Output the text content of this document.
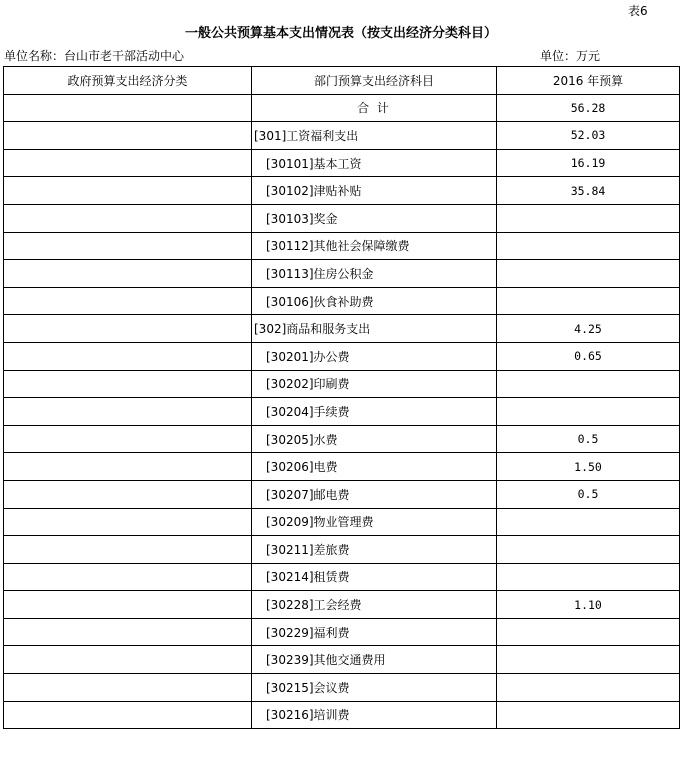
表6
一般公共预算基本支出情况表（按支出经济分类科目）
单位名称：台山市老干部活动中心	单位：万元
政府预算支出经济分类	部门预算支出经济科目	2016 年预算
	合 计	56.28
	[301]工资福利支出	52.03
	[30101]基本工资	16.19
	[30102]津贴补贴	35.84
	[30103]奖金	
	[30112]其他社会保障缴费	
	[30113]住房公积金	
	[30106]伙食补助费	
	[302]商品和服务支出	4.25
	[30201]办公费	0.65
	[30202]印刷费	
	[30204]手续费	
	[30205]水费	0.5
	[30206]电费	1.50
	[30207]邮电费	0.5
	[30209]物业管理费	
	[30211]差旅费	
	[30214]租赁费	
	[30228]工会经费	1.10
	[30229]福利费	
	[30239]其他交通费用	
	[30215]会议费	
	[30216]培训费	
